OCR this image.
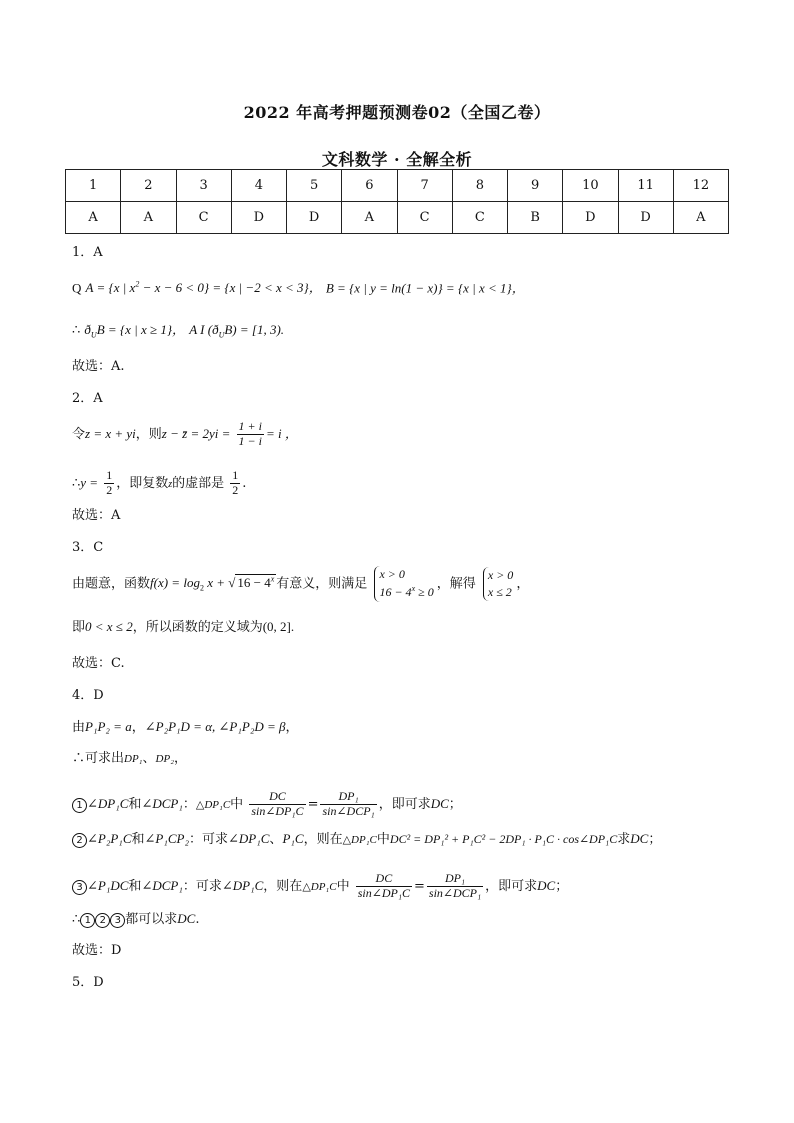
2022 年高考押题预测卷02（全国乙卷）
文科数学 · 全解全析
1	2	3	4	5	6	7	8	9	10	11	12
A	A	C	D	D	A	C	C	B	D	D	A
1．A
Q A = {x | $x^2 - x - 6 < 0\} = \{x$ | −2 < x < 3}， B = {x | y = ln(1 − x)} = {x | x < 1}，
∴ $ð_UB = \{x$ | x ≥ 1}， A I $(ð_UB) = [1$, 3).
故选：A.
2．A
令z = x + yi，则z − z̄ = $2yi = \frac{1 + i}{1 - i} = i$ ，
∴y = $\frac{1}{2}$ ，即复数z的虚部是 $\frac{1}{2}$ .
故选：A
3．C
由题意，函数$f(x) = \log_2 x$ + √ $16 - 4^x$ 有意义，则满足 x > 0
$16 - 4^x \ge 0$，解得 x > 0
x ≤ 2，
即0 < x ≤ 2，所以函数的定义域为(0, 2].
故选：C.
4．D
由P₁P₂ = a，∠P₂P₁D = α, ∠P₁P₂D = β，
∴可求出DP₁、DP₂，
1 ∠DP₁C和∠DCP₁：△DP₁C中 $\frac{DC}{\text{sin∠DP₁C}} = \frac{\text{DP₁}}{\text{sin∠DCP₁}}$ ，即可求DC；
2 ∠P₂P₁C和∠P₁CP₂：可求∠DP₁C、P₁C，则在△DP₁C中DC² = DP₁² + P₁C² − 2DP₁ · P₁C · cos∠DP₁C求DC；
3 ∠P₁DC和∠DCP₁：可求∠DP₁C，则在△DP₁C中 $\frac{DC}{\text{sin∠DP₁C}} = \frac{\text{DP₁}}{\text{sin∠DCP₁}}$ ，即可求DC；
∴ 1 2 3 都可以求DC.
故选：D
5．D
